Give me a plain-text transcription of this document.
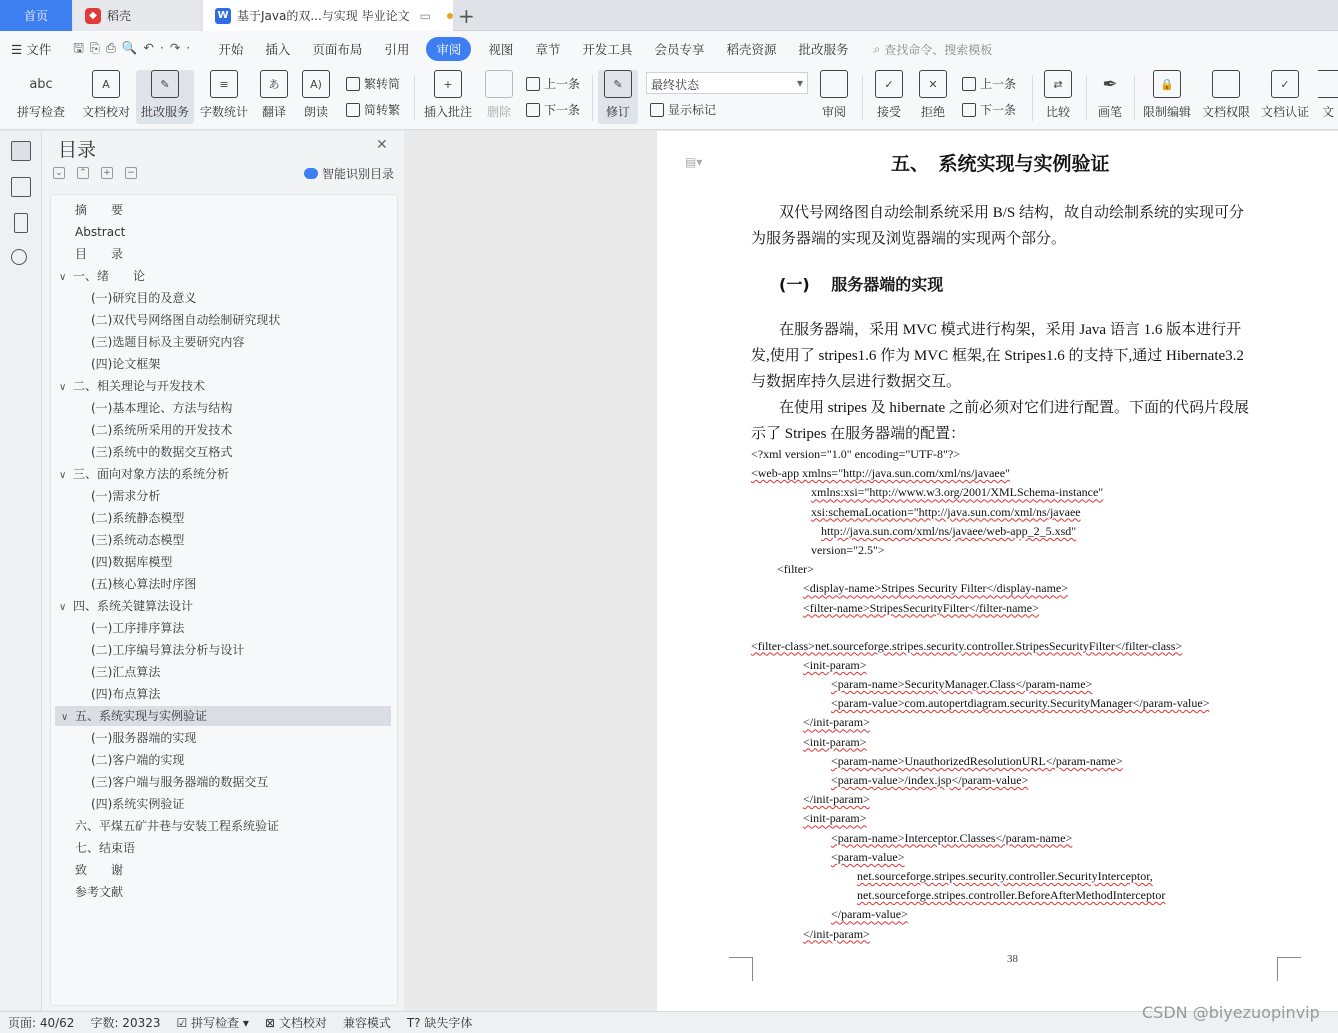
首页	◆ 稻壳	W 基于Java的双...与实现 毕业论文 ▭ +
☰ 文件	🖫⎘⎙🔍↶·↷·	开始	插入	页面布局	引用	审阅	视图	章节	开发工具	会员专享	稻壳资源	批改服务	⌕ 查找命令、搜索模板
abc
拼写检查
A
文档校对
✎
批改服务
≡
字数统计
あ
翻译
A)
朗读
繁转简
简转繁
+
插入批注 删除
上一条
下一条
✎
修订
最终状态	▾
显示标记	审阅
✓
接受
✕
拒绝
上一条
下一条
⇄
比较
✒
画笔
🔒
限制编辑 文档权限
✓
文档认证 文
目录	✕
⌄ ⌃ + −	智能识别目录
摘　　要
Abstract
目　　录
∨ 一、绪　　论
(一)研究目的及意义
(二)双代号网络图自动绘制研究现状
(三)选题目标及主要研究内容
(四)论文框架
∨ 二、相关理论与开发技术
(一)基本理论、方法与结构
(二)系统所采用的开发技术
(三)系统中的数据交互格式
∨ 三、面向对象方法的系统分析
(一)需求分析
(二)系统静态模型
(三)系统动态模型
(四)数据库模型
(五)核心算法时序图
∨ 四、系统关键算法设计
(一)工序排序算法
(二)工序编号算法分析与设计
(三)汇点算法
(四)布点算法
∨ 五、系统实现与实例验证
(一)服务器端的实现
(二)客户端的实现
(三)客户端与服务器端的数据交互
(四)系统实例验证
六、平煤五矿井巷与安装工程系统验证
七、结束语
致　　谢
参考文献
▤▾	五、　系统实现与实例验证
双代号网络图自动绘制系统采用 B/S 结构，故自动绘制系统的实现可分
为服务器端的实现及浏览器端的实现两个部分。
(一)　 服务器端的实现
在服务器端，采用 MVC 模式进行构架，采用 Java 语言 1.6 版本进行开
发,使用了 stripes1.6 作为 MVC 框架,在 Stripes1.6 的支持下,通过 Hibernate3.2
与数据库持久层进行数据交互。
在使用 stripes 及 hibernate 之前必须对它们进行配置。下面的代码片段展
示了 Stripes 在服务器端的配置：
38
<?xml version="1.0" encoding="UTF-8"?>
<web-app xmlns="http://java.sun.com/xml/ns/javaee"
xmlns:xsi="http://www.w3.org/2001/XMLSchema-instance"
xsi:schemaLocation="http://java.sun.com/xml/ns/javaee
http://java.sun.com/xml/ns/javaee/web-app_2_5.xsd"
version="2.5">
<filter>
<display-name>Stripes Security Filter</display-name>
<filter-name>StripesSecurityFilter</filter-name>
<filter-class>net.sourceforge.stripes.security.controller.StripesSecurityFilter</filter-class>
<init-param>
<param-name>SecurityManager.Class</param-name>
<param-value>com.autopertdiagram.security.SecurityManager</param-value>
</init-param>
<init-param>
<param-name>UnauthorizedResolutionURL</param-name>
<param-value>/index.jsp</param-value>
</init-param>
<init-param>
<param-name>Interceptor.Classes</param-name>
<param-value>
net.sourceforge.stripes.security.controller.SecurityInterceptor,
net.sourceforge.stripes.controller.BeforeAfterMethodInterceptor
</param-value>
</init-param>
页面: 40/62	字数: 20323	☑ 拼写检查 ▾	⊠ 文档校对	兼容模式	T? 缺失字体
CSDN @biyezuopinvip
